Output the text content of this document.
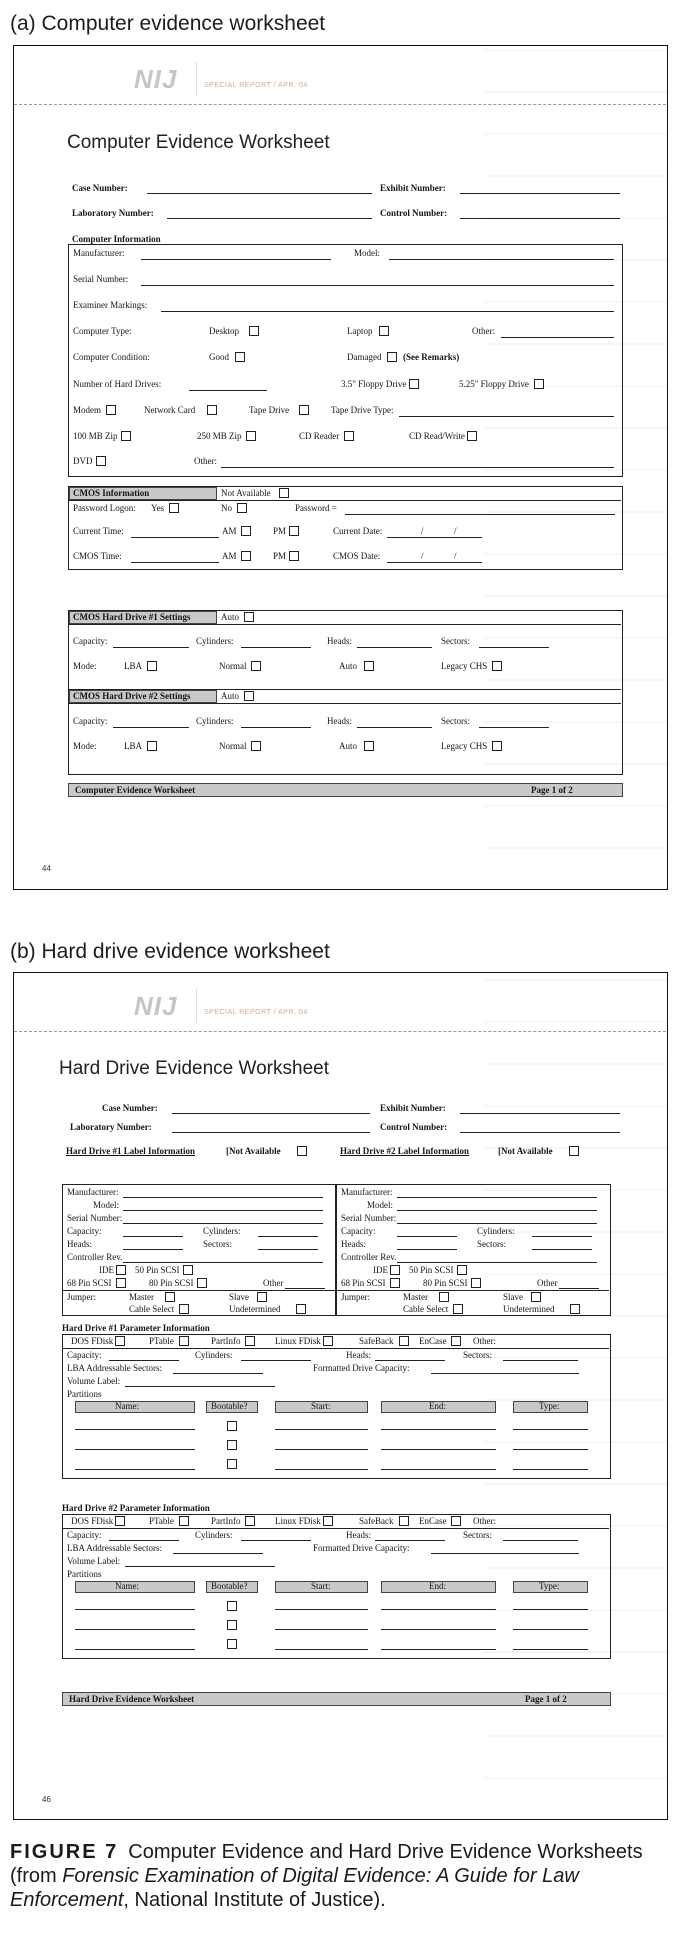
(a) Computer evidence worksheet
NIJ	SPECIAL REPORT / APR. 04
Computer Evidence Worksheet
Case Number:	Exhibit Number:
Laboratory Number:	Control Number:
Computer Information
Manufacturer:	Model:
Serial Number:
Examiner Markings:
Computer Type:	Desktop	Laptop	Other:
Computer Condition:	Good	Damaged (See Remarks)
Number of Hard Drives:	3.5" Floppy Drive	5.25" Floppy Drive
Modem	Network Card	Tape Drive	Tape Drive Type:
100 MB Zip	250 MB Zip	CD Reader	CD Read/Write
DVD	Other:
CMOS Information	Not Available
Password Logon: Yes	No	Password =
Current Time:	AM	PM	Current Date:	/	/
CMOS Time:	AM	PM	CMOS Date:	/	/
CMOS Hard Drive #1 Settings	Auto
Capacity:	Cylinders:	Heads:	Sectors:
Mode:	LBA	Normal	Auto	Legacy CHS
CMOS Hard Drive #2 Settings	Auto
Capacity:	Cylinders:	Heads:	Sectors:
Mode:	LBA	Normal	Auto	Legacy CHS
Computer Evidence Worksheet	Page 1 of 2
44
(b) Hard drive evidence worksheet
NIJ	SPECIAL REPORT / APR. 04
Hard Drive Evidence Worksheet
Case Number:	Exhibit Number:
Laboratory Number:	Control Number:
Hard Drive #1 Label Information	[Not Available	Hard Drive #2 Label Information	[Not Available
Manufacturer:
Model:
Serial Number:
Capacity:	Cylinders:
Heads:	Sectors:
Controller Rev.
IDE 50 Pin SCSI
68 Pin SCSI	80 Pin SCSI	Other
Jumper:	Master	Slave
Cable Select	Undetermined
Manufacturer:
Model:
Serial Number:
Capacity:	Cylinders:
Heads:	Sectors:
Controller Rev.
IDE 50 Pin SCSI
68 Pin SCSI	80 Pin SCSI	Other
Jumper:	Master	Slave
Cable Select	Undetermined
Hard Drive #1 Parameter Information
DOS FDisk	PTable	PartInfo	Linux FDisk	SafeBack	EnCase	Other:
Capacity:	Cylinders:	Heads:	Sectors:
LBA Addressable Sectors:	Formatted Drive Capacity:
Volume Label:
Partitions
Name:	Bootable?	Start:	End:	Type:
Hard Drive #2 Parameter Information
DOS FDisk	PTable	PartInfo	Linux FDisk	SafeBack	EnCase	Other:
Capacity:	Cylinders:	Heads:	Sectors:
LBA Addressable Sectors:	Formatted Drive Capacity:
Volume Label:
Partitions
Name:	Bootable?	Start:	End:	Type:
Hard Drive Evidence Worksheet	Page 1 of 2
46
FIGURE 7 Computer Evidence and Hard Drive Evidence Worksheets (from Forensic Examination of Digital Evidence: A Guide for Law Enforcement, National Institute of Justice).
